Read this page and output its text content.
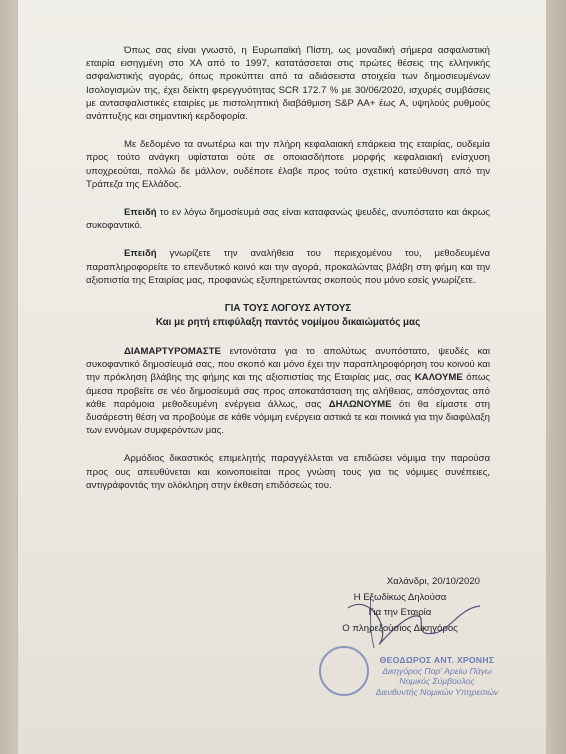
Όπως σας είναι γνωστό, η Ευρωπαϊκή Πίστη, ως μοναδική σήμερα ασφαλιστική εταιρία εισηγμένη στο ΧΑ από το 1997, κατατάσσεται στις πρώτες θέσεις της ελληνικής ασφαλιστικής αγοράς, όπως προκύπτει από τα αδιάσειστα στοιχεία των δημοσιευμένων Ισολογισμών της, έχει δείκτη φερεγγυότητας SCR 172.7 % με 30/06/2020, ισχυρές συμβάσεις με αντασφαλιστικές εταιρίες με πιστοληπτική διαβάθμιση S&P AA+ έως A, υψηλούς ρυθμούς ανάπτυξης και σημαντική κερδοφορία.

Με δεδομένο τα ανωτέρω και την πλήρη κεφαλαιακή επάρκεια της εταιρίας, ουδεμία προς τούτο ανάγκη υφίσταται ούτε σε οποιασδήποτε μορφής κεφαλαιακή ενίσχυση υποχρεούται, πολλώ δε μάλλον, ουδέποτε έλαβε προς τούτο σχετική κατεύθυνση από την Τράπεζα της Ελλάδος.

Επειδή το εν λόγω δημοσίευμά σας είναι καταφανώς ψευδές, ανυπόστατο και άκρως συκοφαντικό.

Επειδή γνωρίζετε την αναλήθεια του περιεχομένου του, μεθοδευμένα παραπληροφορείτε το επενδυτικό κοινό και την αγορά, προκαλώντας βλάβη στη φήμη και την αξιοπιστία της Εταιρίας μας, προφανώς εξυπηρετώντας σκοπούς που μόνο εσείς γνωρίζετε.

ΓΙΑ ΤΟΥΣ ΛΟΓΟΥΣ ΑΥΤΟΥΣ
Και με ρητή επιφύλαξη παντός νομίμου δικαιώματός μας

ΔΙΑΜΑΡΤΥΡΟΜΑΣΤΕ εντονότατα για το απολύτως ανυπόστατο, ψευδές και συκοφαντικό δημοσίευμά σας, που σκοπό και μόνο έχει την παραπληροφόρηση του κοινού και την πρόκληση βλάβης της φήμης και της αξιοπιστίας της Εταιρίας μας, σας ΚΑΛΟΥΜΕ όπως άμεσα προβείτε σε νέο δημοσίευμά σας προς αποκατάσταση της αλήθειας, απόσχοντας από κάθε παρόμοια μεθοδευμένη ενέργεια άλλως, σας ΔΗΛΩΝΟΥΜΕ ότι θα είμαστε στη δυσάρεστη θέση να προβούμε σε κάθε νόμιμη ενέργεια αστικά τε και ποινικά για την διαφύλαξη των εννόμων συμφερόντων μας.

Αρμόδιος δικαστικός επιμελητής παραγγέλλεται να επιδώσει νόμιμα την παρούσα προς ους απευθύνεται και κοινοποιείται προς γνώση τους για τις νόμιμες συνέπειες, αντιγράφοντάς την ολόκληρη στην έκθεση επιδόσεώς του.

Χαλάνδρι, 20/10/2020
Η Εξωδίκως Δηλούσα
Για την Εταιρία
Ο πληρεξούσιος Δικηγόρος
ΘΕΟΔΩΡΟΣ ΑΝΤ. ΧΡΟΝΗΣ
Δικηγόρος Παρ' Αρείω Πάγω
Νομικός Σύμβουλος
Διευθυντής Νομικών Υπηρεσιών
